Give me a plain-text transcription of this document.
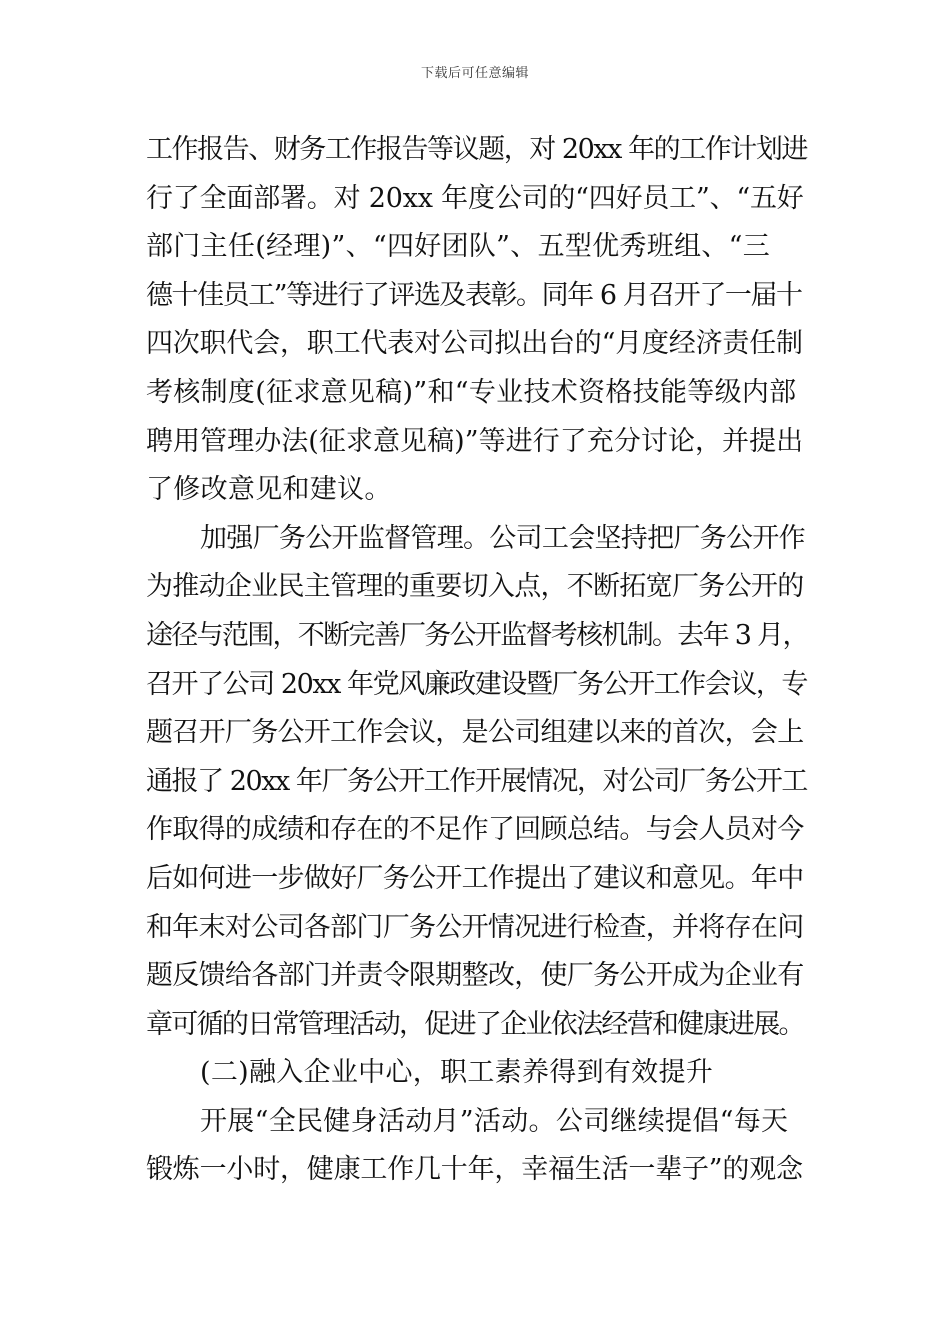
下载后可任意编辑
工作报告、财务工作报告等议题，对 20xx 年的工作计划进
行了全面部署。对 20xx 年度公司的“四好员工”、“五好
部门主任(经理)”、“四好团队”、五型优秀班组、“三
德十佳员工”等进行了评选及表彰。同年 6 月召开了一届十
四次职代会，职工代表对公司拟出台的“月度经济责任制
考核制度(征求意见稿)”和“专业技术资格技能等级内部
聘用管理办法(征求意见稿)”等进行了充分讨论，并提出
了修改意见和建议。
加强厂务公开监督管理。公司工会坚持把厂务公开作
为推动企业民主管理的重要切入点，不断拓宽厂务公开的
途径与范围，不断完善厂务公开监督考核机制。去年 3 月，
召开了公司 20xx 年党风廉政建设暨厂务公开工作会议，专
题召开厂务公开工作会议，是公司组建以来的首次，会上
通报了 20xx 年厂务公开工作开展情况，对公司厂务公开工
作取得的成绩和存在的不足作了回顾总结。与会人员对今
后如何进一步做好厂务公开工作提出了建议和意见。年中
和年末对公司各部门厂务公开情况进行检查，并将存在问
题反馈给各部门并责令限期整改，使厂务公开成为企业有
章可循的日常管理活动，促进了企业依法经营和健康进展。
(二)融入企业中心，职工素养得到有效提升
开展“全民健身活动月”活动。公司继续提倡“每天
锻炼一小时，健康工作几十年，幸福生活一辈子”的观念
